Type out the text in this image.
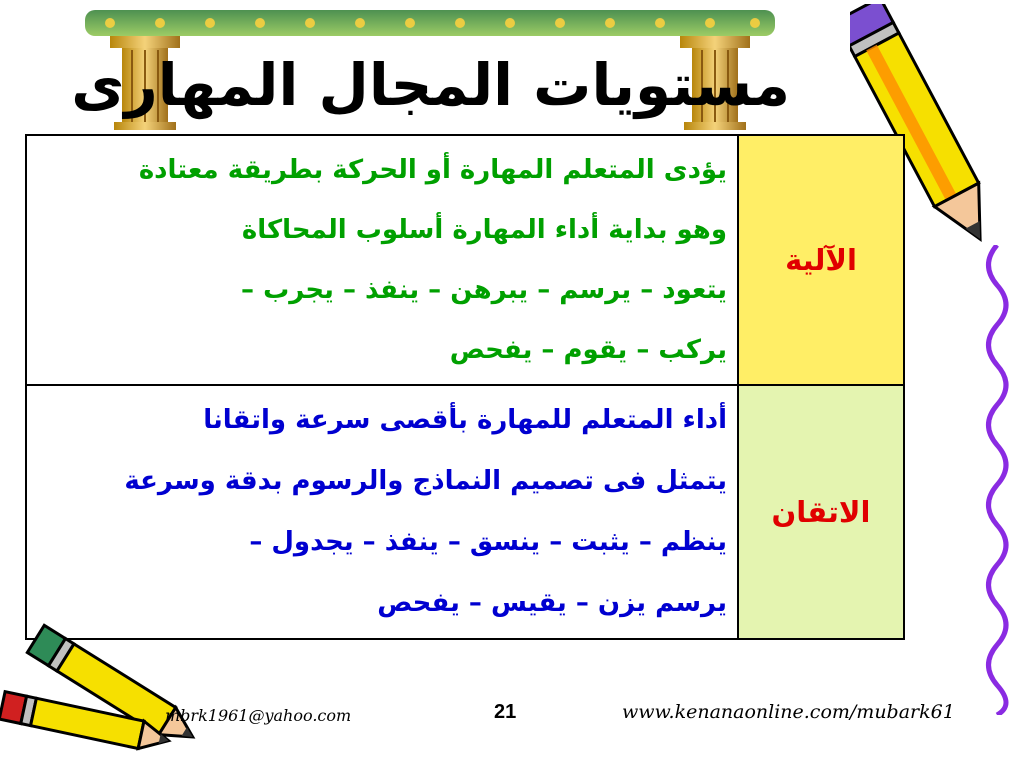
مستويات المجال المهارى
الآلية	يؤدى المتعلم المهارة أو الحركة بطريقة معتادة
وهو بداية أداء المهارة أسلوب المحاكاة
يتعود – يرسم – يبرهن – ينفذ – يجرب –
يركب – يقوم – يفحص

الاتقان	أداء المتعلم للمهارة بأقصى سرعة واتقانا
يتمثل فى تصميم النماذج والرسوم بدقة وسرعة
ينظم – يثبت – ينسق – ينفذ – يجدول –
يرسم يزن – يقيس – يفحص
mbrk1961@yahoo.com	21	www.kenanaonline.com/mubark61
